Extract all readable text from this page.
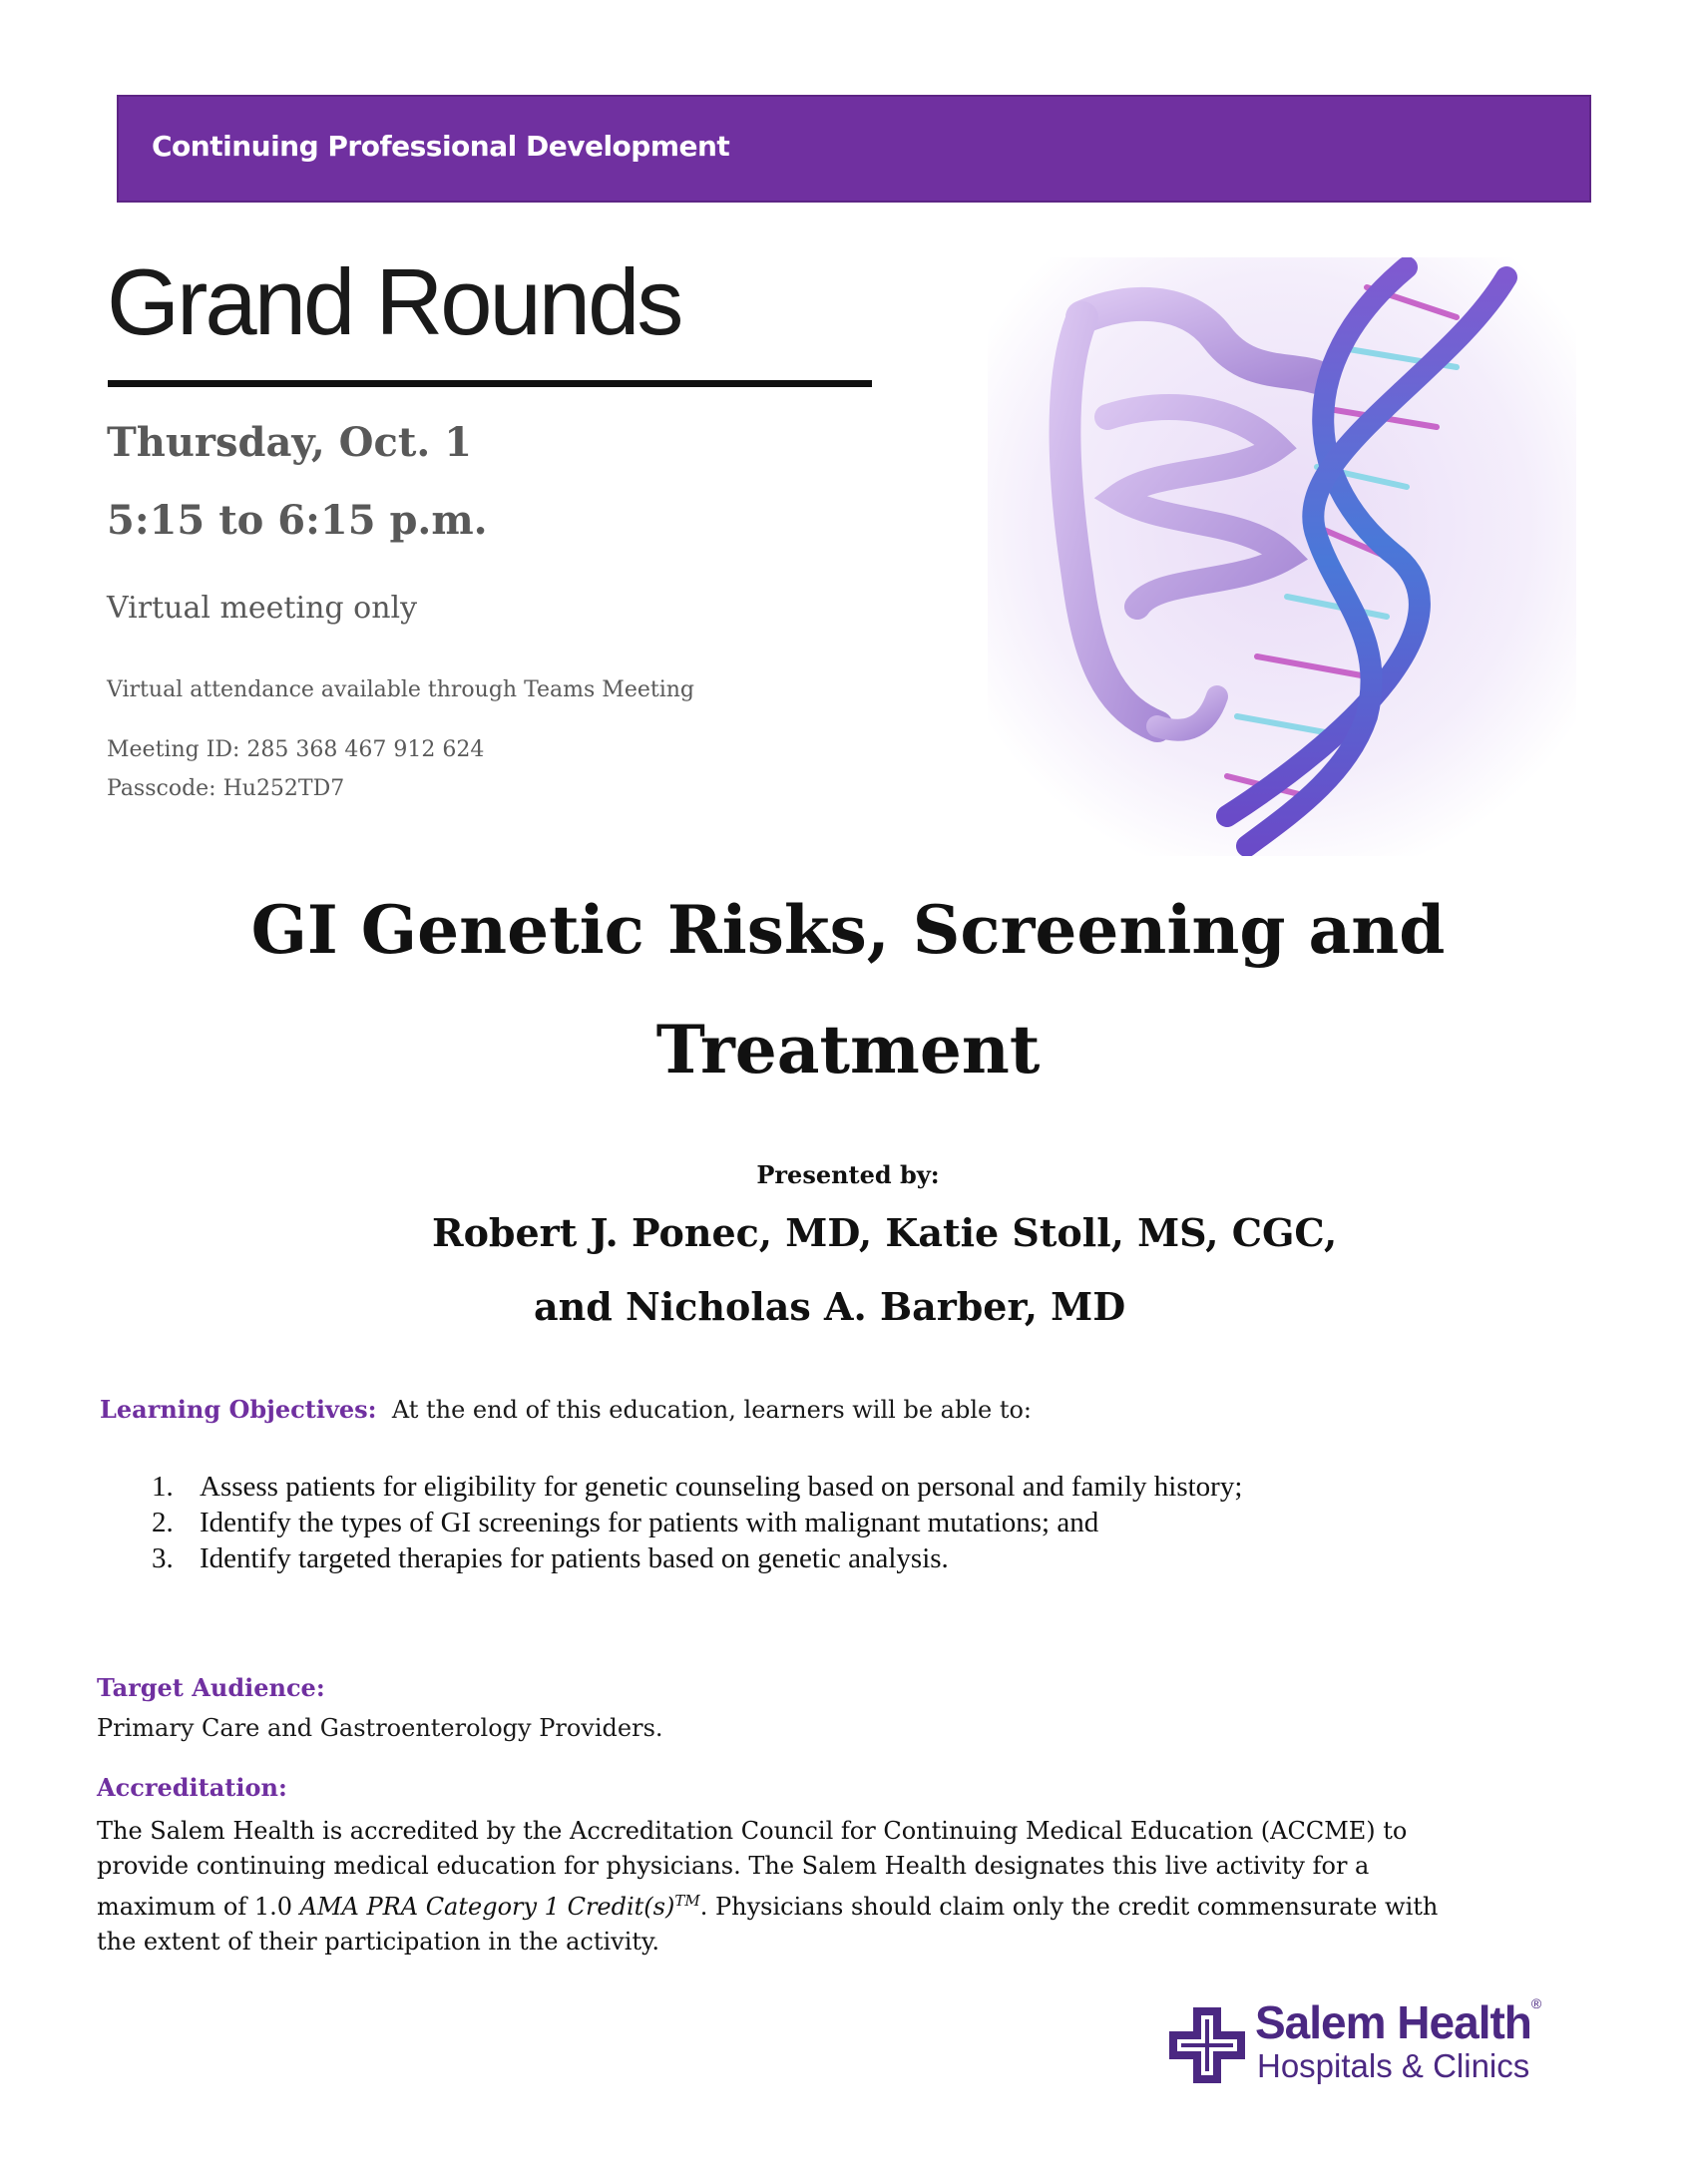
Continuing Professional Development
Grand Rounds
Thursday, Oct. 1
5:15 to 6:15 p.m.
Virtual meeting only
Virtual attendance available through Teams Meeting
Meeting ID: 285 368 467 912 624
Passcode: Hu252TD7
GI Genetic Risks, Screening and
Treatment
Presented by:
Robert J. Ponec, MD, Katie Stoll, MS, CGC,
and Nicholas A. Barber, MD
Learning Objectives: At the end of this education, learners will be able to:
1. Assess patients for eligibility for genetic counseling based on personal and family history;
2. Identify the types of GI screenings for patients with malignant mutations; and
3. Identify targeted therapies for patients based on genetic analysis.
Target Audience:
Primary Care and Gastroenterology Providers.
Accreditation:
The Salem Health is accredited by the Accreditation Council for Continuing Medical Education (ACCME) to
provide continuing medical education for physicians. The Salem Health designates this live activity for a
maximum of 1.0 AMA PRA Category 1 Credit(s)™. Physicians should claim only the credit commensurate with
the extent of their participation in the activity.
Salem Health®
Hospitals & Clinics
